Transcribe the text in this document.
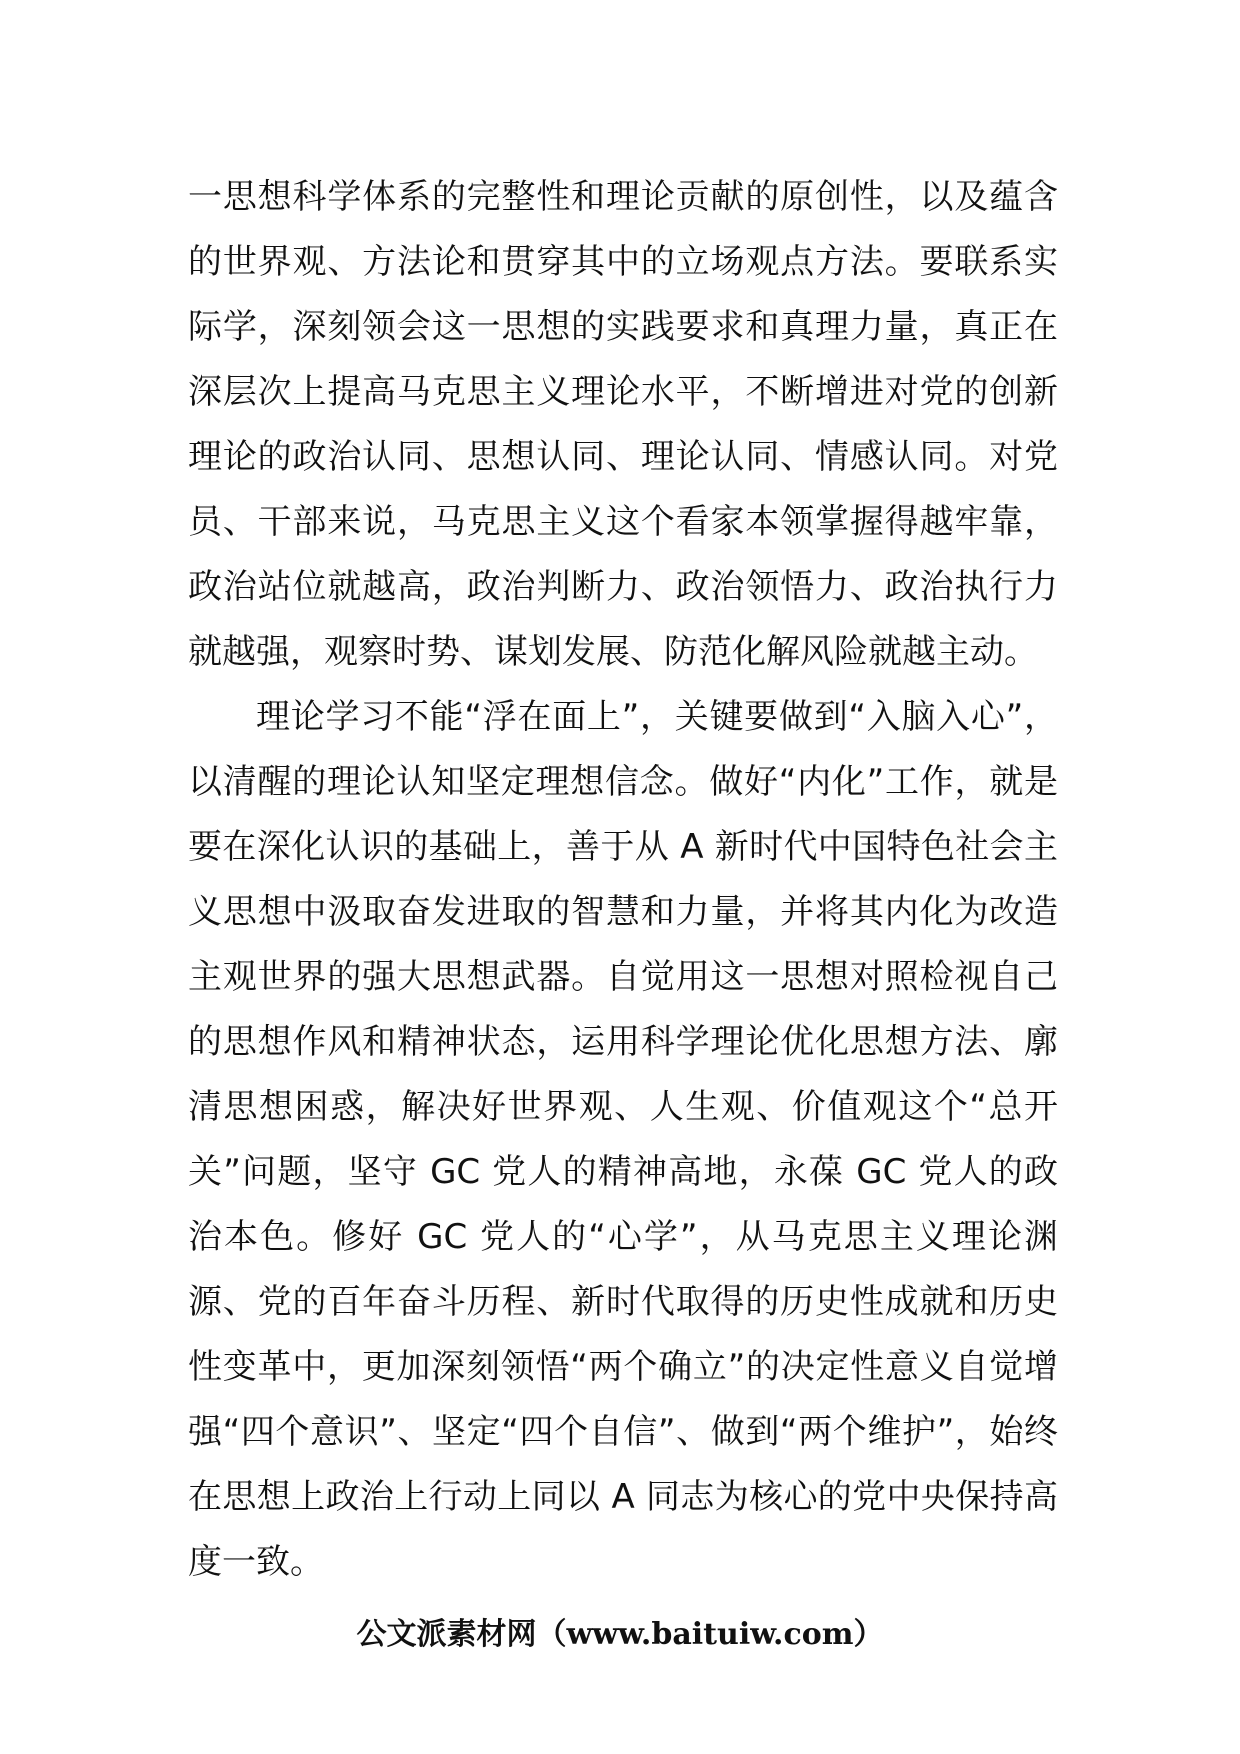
一思想科学体系的完整性和理论贡献的原创性，以及蕴含的世界观、方法论和贯穿其中的立场观点方法。要联系实际学，深刻领会这一思想的实践要求和真理力量，真正在深层次上提高马克思主义理论水平，不断增进对党的创新理论的政治认同、思想认同、理论认同、情感认同。对党员、干部来说，马克思主义这个看家本领掌握得越牢靠，政治站位就越高，政治判断力、政治领悟力、政治执行力就越强，观察时势、谋划发展、防范化解风险就越主动。

理论学习不能“浮在面上”，关键要做到“入脑入心”，以清醒的理论认知坚定理想信念。做好“内化”工作，就是要在深化认识的基础上，善于从 A 新时代中国特色社会主义思想中汲取奋发进取的智慧和力量，并将其内化为改造主观世界的强大思想武器。自觉用这一思想对照检视自己的思想作风和精神状态，运用科学理论优化思想方法、廓清思想困惑，解决好世界观、人生观、价值观这个“总开关”问题，坚守 GC 党人的精神高地，永葆 GC 党人的政治本色。修好 GC 党人的“心学”，从马克思主义理论渊源、党的百年奋斗历程、新时代取得的历史性成就和历史性变革中，更加深刻领悟“两个确立”的决定性意义自觉增强“四个意识”、坚定“四个自信”、做到“两个维护”，始终在思想上政治上行动上同以 A 同志为核心的党中央保持高度一致。

公文派素材网（www.baituiw.com）
